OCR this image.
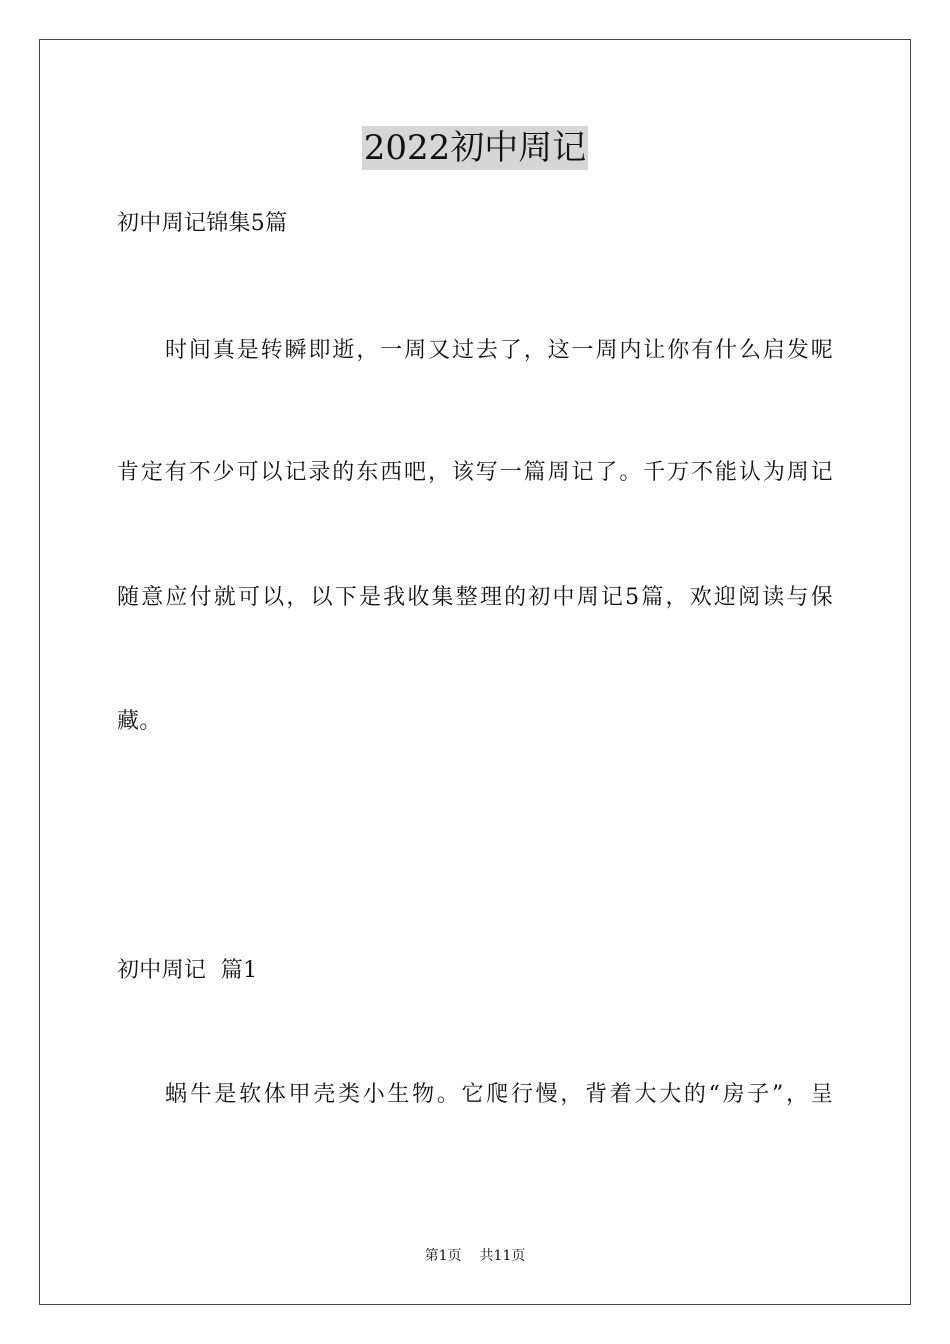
2022初中周记
初中周记锦集5篇
时间真是转瞬即逝，一周又过去了，这一周内让你有什么启发呢
肯定有不少可以记录的东西吧，该写一篇周记了。千万不能认为周记
随意应付就可以，以下是我收集整理的初中周记5篇，欢迎阅读与保
藏。
初中周记  篇1
蜗牛是软体甲壳类小生物。它爬行慢，背着大大的“房子”，呈
第1页 共11页
